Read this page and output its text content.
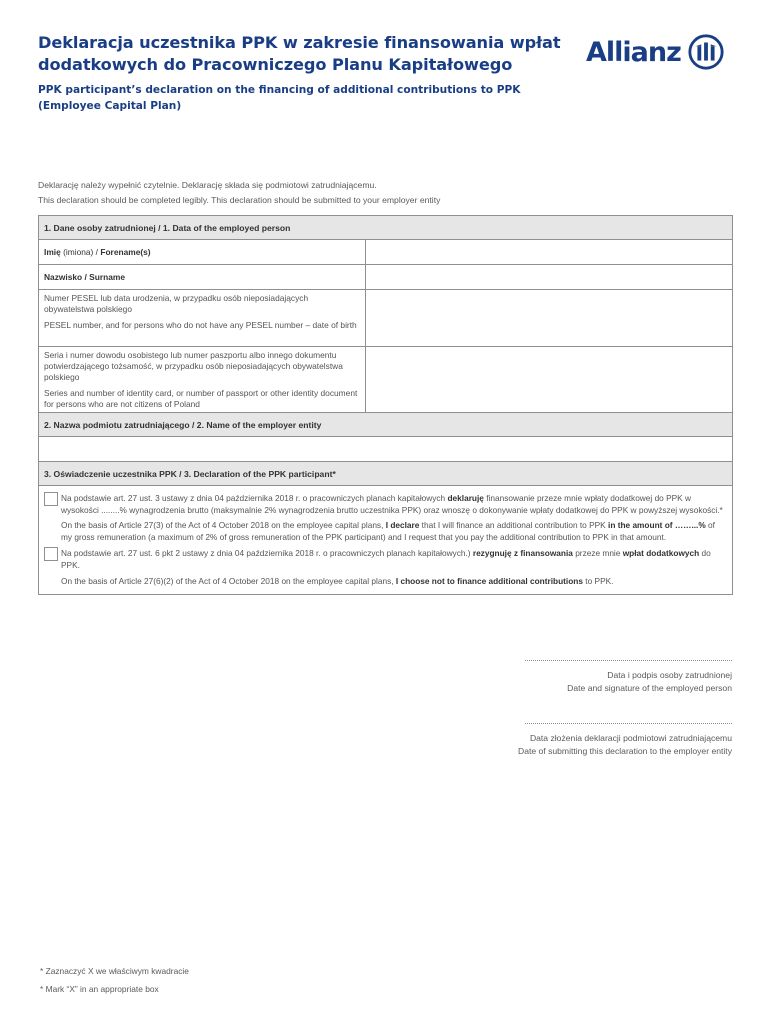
Deklaracja uczestnika PPK w zakresie finansowania wpłat
dodatkowych do Pracowniczego Planu Kapitałowego
PPK participant’s declaration on the financing of additional contributions to PPK
(Employee Capital Plan)
Allianz
Deklarację należy wypełnić czytelnie. Deklarację składa się podmiotowi zatrudniającemu.
This declaration should be completed legibly. This declaration should be submitted to your employer entity
1. Dane osoby zatrudnionej / 1. Data of the employed person
Imię (imiona) / Forename(s)
Nazwisko / Surname

Numer PESEL lub data urodzenia, w przypadku osób nieposiadających obywatelstwa polskiego

PESEL number, and for persons who do not have any PESEL number – date of birth

Seria i numer dowodu osobistego lub numer paszportu albo innego dokumentu potwierdzającego tożsamość, w przypadku osób nieposiadających obywatelstwa polskiego

Series and number of identity card, or number of passport or other identity document for persons who are not citizens of Poland

2. Nazwa podmiotu zatrudniającego / 2. Name of the employer entity
3. Oświadczenie uczestnika PPK / 3. Declaration of the PPK participant*

Na podstawie art. 27 ust. 3 ustawy z dnia 04 października 2018 r. o pracowniczych planach kapitałowych deklaruję finansowanie przeze mnie wpłaty dodatkowej do PPK w wysokości ........% wynagrodzenia brutto (maksymalnie 2% wynagrodzenia brutto uczestnika PPK) oraz wnoszę o dokonywanie wpłaty dodatkowej do PPK w powyższej wysokości.*

On the basis of Article 27(3) of the Act of 4 October 2018 on the employee capital plans, I declare that I will finance an additional contribution to PPK in the amount of ……...% of my gross remuneration (a maximum of 2% of gross remuneration of the PPK participant) and I request that you pay the additional contribution to PPK in that amount.

Na podstawie art. 27 ust. 6 pkt 2 ustawy z dnia 04 października 2018 r. o pracowniczych planach kapitałowych.) rezygnuję z finansowania przeze mnie wpłat dodatkowych do PPK.

On the basis of Article 27(6)(2) of the Act of 4 October 2018 on the employee capital plans, I choose not to finance additional contributions to PPK.

Data i podpis osoby zatrudnionej
Date and signature of the employed person
Data złożenia deklaracji podmiotowi zatrudniającemu
Date of submitting this declaration to the employer entity
* Zaznaczyć X we właściwym kwadracie
* Mark “X” in an appropriate box
